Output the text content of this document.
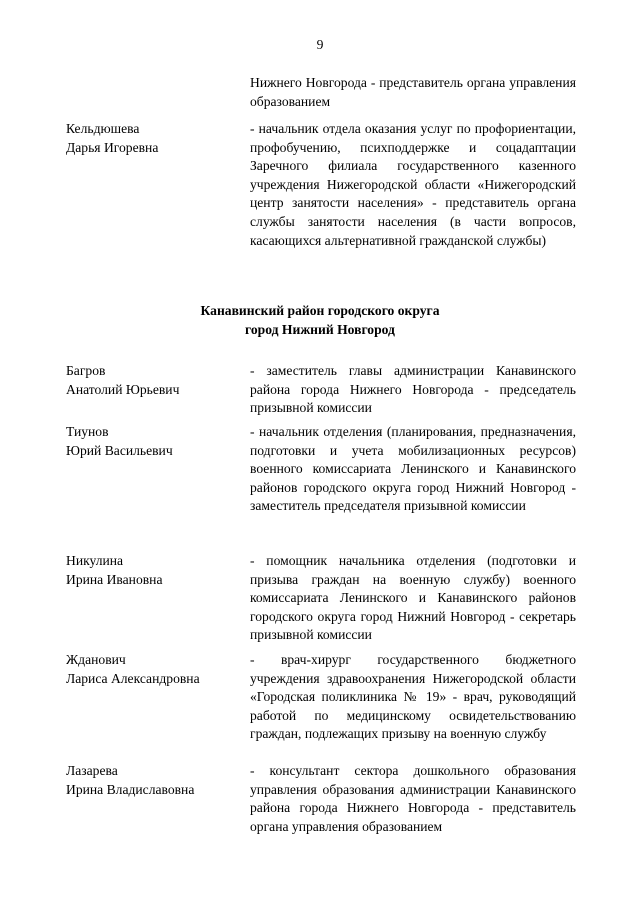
9
Нижнего Новгорода - представитель органа управления образованием
Кельдюшева
Дарья Игоревна
- начальник отдела оказания услуг по профориентации, профобучению, психподдержке и соцадаптации Заречного филиала государственного казенного учреждения Нижегородской области «Нижегородский центр занятости населения» - представитель органа службы занятости населения (в части вопросов, касающихся альтернативной гражданской службы)
Канавинский район городского округа
город Нижний Новгород
Багров
Анатолий Юрьевич
- заместитель главы администрации Канавинского района города Нижнего Новгорода - председатель призывной комиссии
Тиунов
Юрий Васильевич
- начальник отделения (планирования, предназначения, подготовки и учета мобилизационных ресурсов) военного комиссариата Ленинского и Канавинского районов городского округа город Нижний Новгород - заместитель председателя призывной комиссии
Никулина
Ирина Ивановна
- помощник начальника отделения (подготовки и призыва граждан на военную службу) военного комиссариата Ленинского и Канавинского районов городского округа город Нижний Новгород - секретарь призывной комиссии
Жданович
Лариса Александровна
- врач-хирург государственного бюджетного учреждения здравоохранения Нижегородской области «Городская поликлиника № 19» - врач, руководящий работой по медицинскому освидетельствованию граждан, подлежащих призыву на военную службу
Лазарева
Ирина Владиславовна
- консультант сектора дошкольного образования управления образования администрации Канавинского района города Нижнего Новгорода - представитель органа управления образованием
